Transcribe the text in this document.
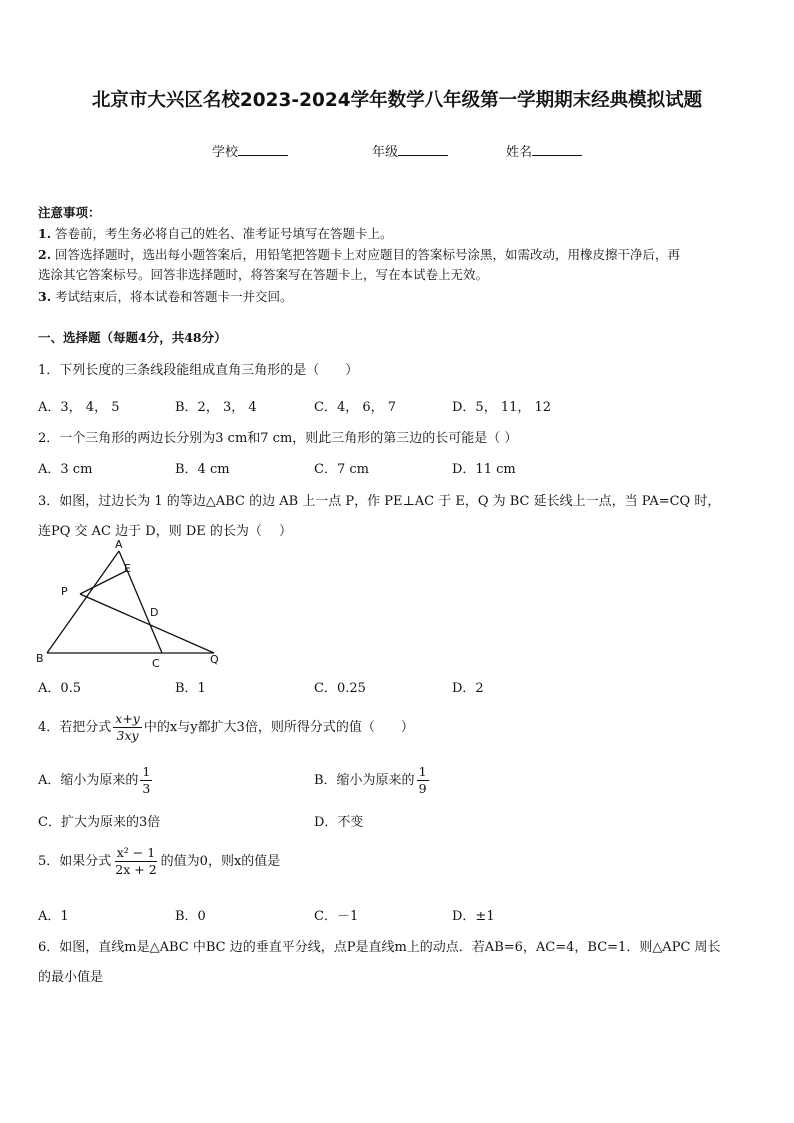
北京市大兴区名校2023-2024学年数学八年级第一学期期末经典模拟试题
学校	年级	姓名
注意事项：
1. 答卷前，考生务必将自己的姓名、准考证号填写在答题卡上。
2. 回答选择题时，选出每小题答案后，用铅笔把答题卡上对应题目的答案标号涂黑，如需改动，用橡皮擦干净后，再
选涂其它答案标号。回答非选择题时，将答案写在答题卡上，写在本试卷上无效。
3. 考试结束后，将本试卷和答题卡一并交回。
一、选择题（每题4分，共48分）
1．下列长度的三条线段能组成直角三角形的是（　　）
A．3， 4， 5	B．2， 3， 4	C．4， 6， 7	D．5， 11， 12
2．一个三角形的两边长分别为3 cm和7 cm，则此三角形的第三边的长可能是（ ）
A．3 cm	B．4 cm	C．7 cm	D．11 cm
3．如图，过边长为 1 的等边△ABC 的边 AB 上一点 P，作 PE⊥AC 于 E，Q 为 BC 延长线上一点，当 PA=CQ 时，
连PQ 交 AC 边于 D，则 DE 的长为（　 ）
A
E
P
D
B	C	Q
A．0.5	B．1	C．0.25	D．2
4．若把分式 $\frac{x+y}{3xy}$ 中的x与y都扩大3倍，则所得分式的值（　　）
A．缩小为原来的 $\frac{1}{3}$	B．缩小为原来的 $\frac{1}{9}$
C．扩大为原来的3倍	D．不变
5．如果分式 $\frac{\text{x² − 1}}{2x + 2}$ 的值为0，则x的值是
A．1	B．0	C．－1	D．±1
6．如图，直线m是△ABC 中BC 边的垂直平分线，点P是直线m上的动点．若AB=6，AC=4，BC=1．则△APC 周长
的最小值是
